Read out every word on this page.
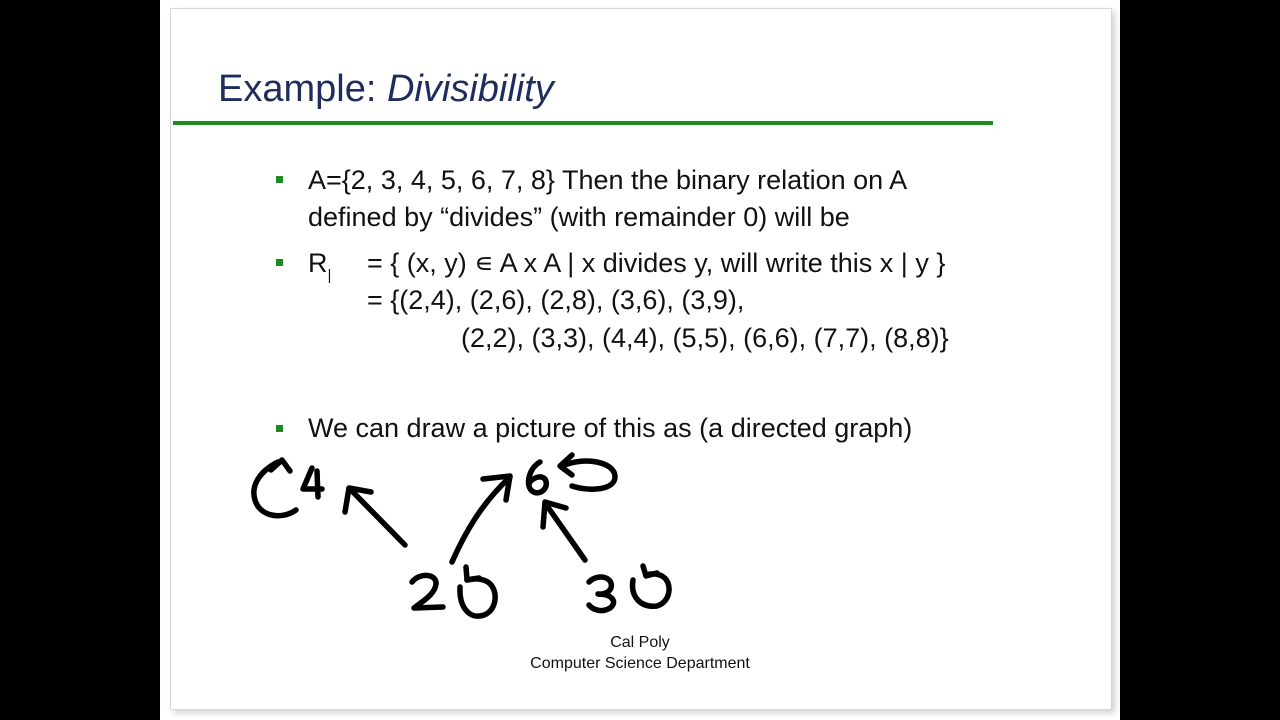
Example: Divisibility
A={2, 3, 4, 5, 6, 7, 8} Then the binary relation on A
defined by “divides” (with remainder 0) will be
$R_|$ = { (x, y) ∊ A x A | x divides y, will write this x | y }
= {(2,4), (2,6), (2,8), (3,6), (3,9),
(2,2), (3,3), (4,4), (5,5), (6,6), (7,7), (8,8)}
We can draw a picture of this as (a directed graph)
Cal Poly
Computer Science Department
